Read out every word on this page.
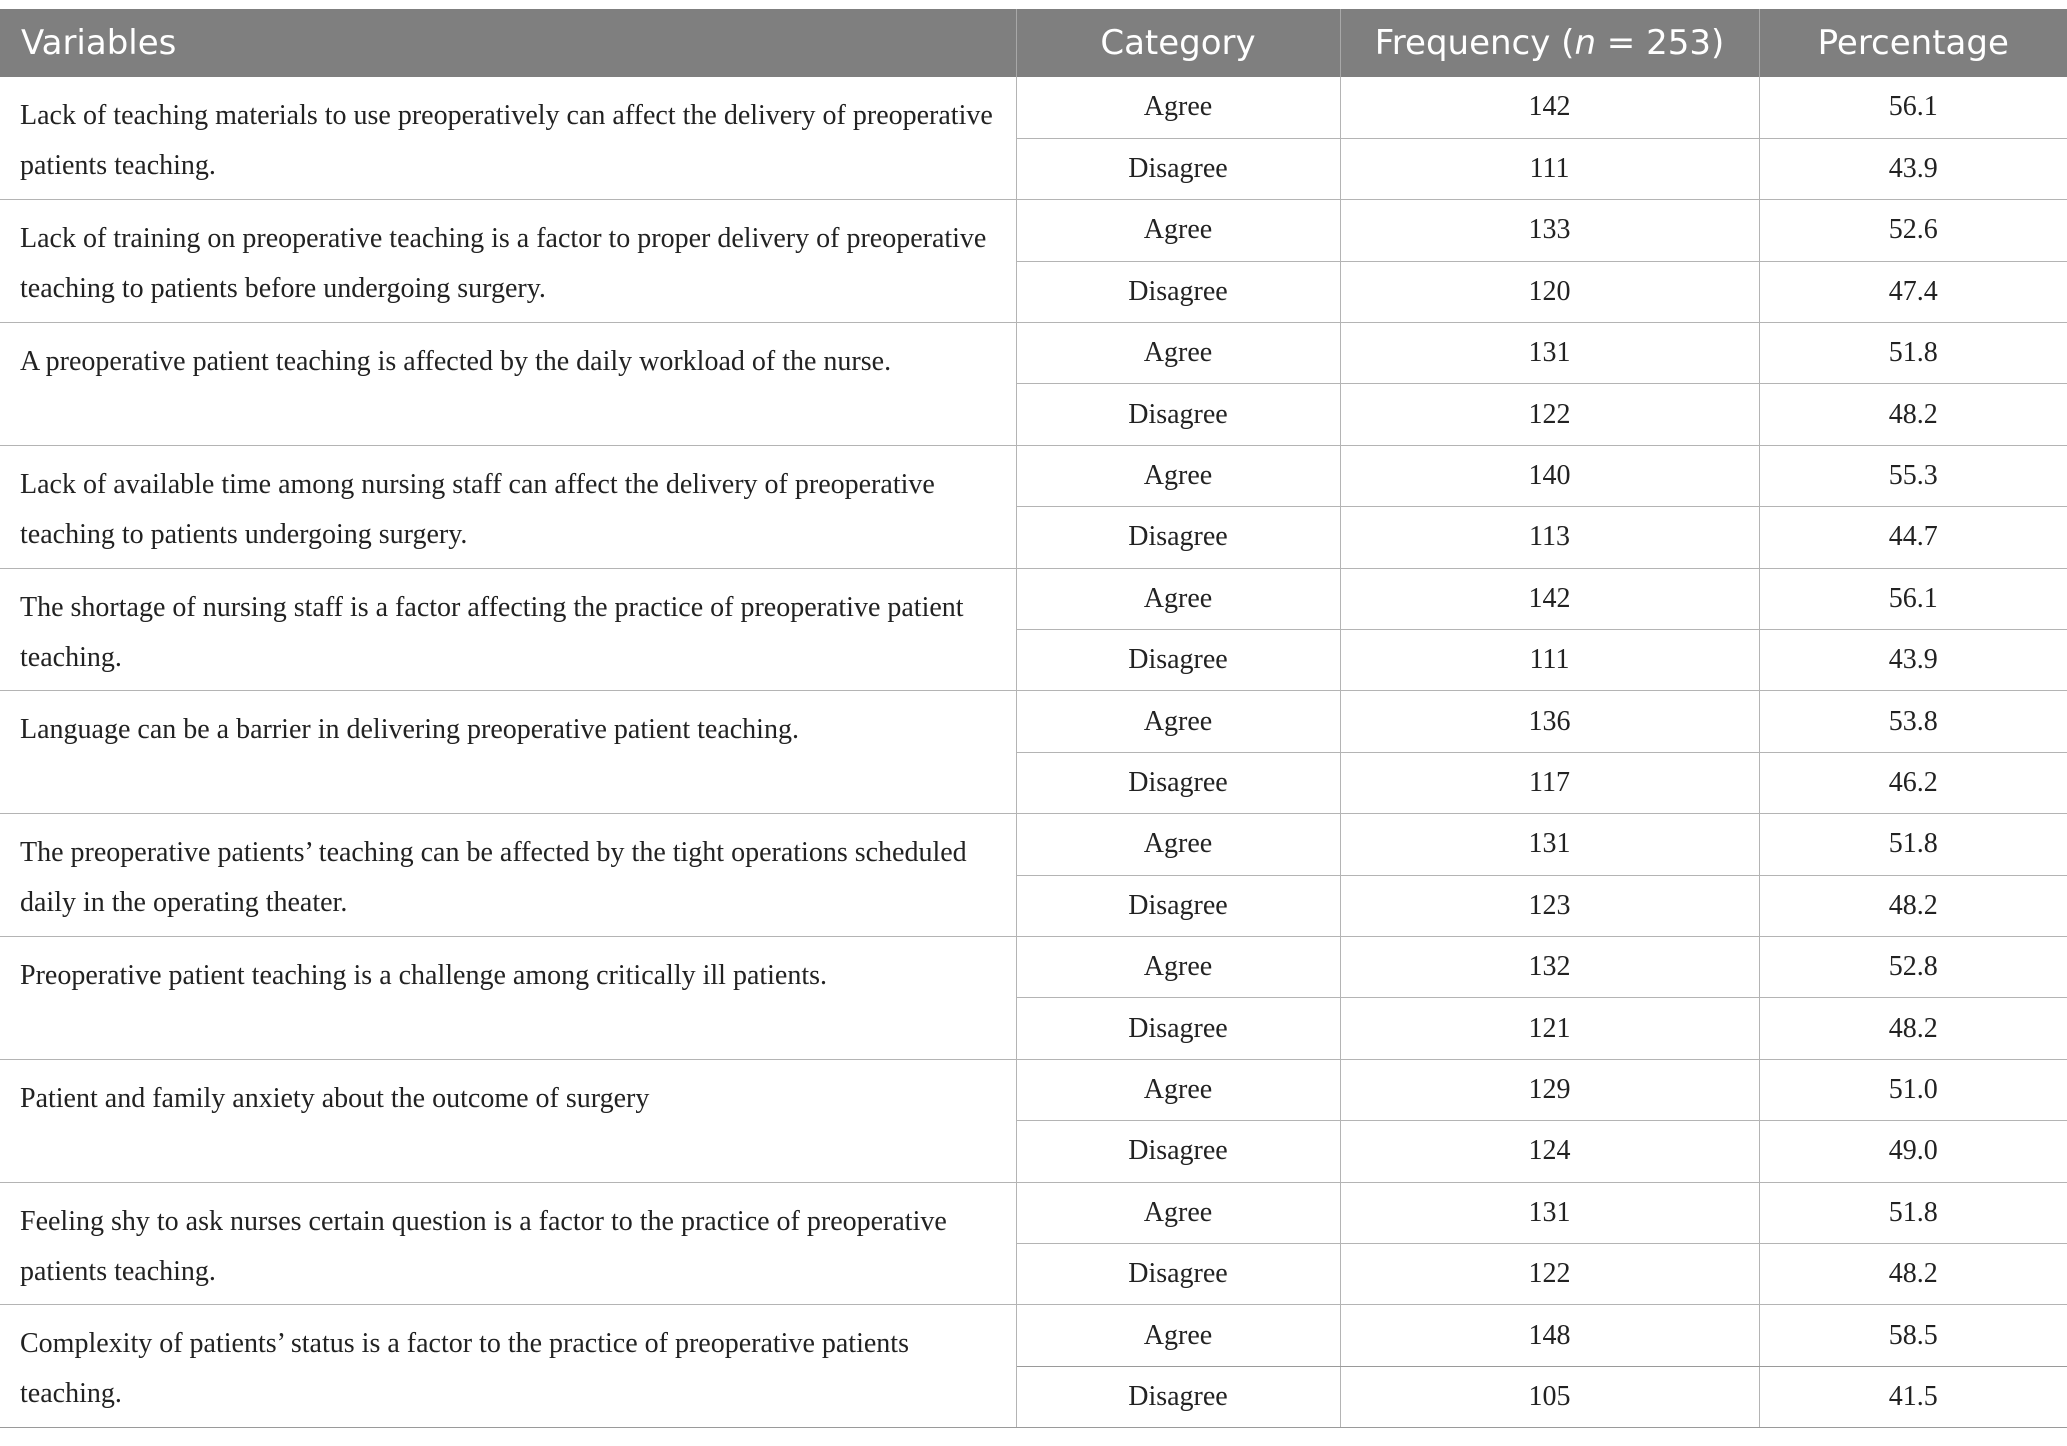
Variables	Category	Frequency (n = 253)	Percentage
Lack of teaching materials to use preoperatively can affect the delivery of preoperative patients teaching.	Agree	142	56.1
	Disagree	111	43.9
Lack of training on preoperative teaching is a factor to proper delivery of preoperative teaching to patients before undergoing surgery.	Agree	133	52.6
	Disagree	120	47.4
A preoperative patient teaching is affected by the daily workload of the nurse.	Agree	131	51.8
	Disagree	122	48.2
Lack of available time among nursing staff can affect the delivery of preoperative teaching to patients undergoing surgery.	Agree	140	55.3
	Disagree	113	44.7
The shortage of nursing staff is a factor affecting the practice of preoperative patient teaching.	Agree	142	56.1
	Disagree	111	43.9
Language can be a barrier in delivering preoperative patient teaching.	Agree	136	53.8
	Disagree	117	46.2
The preoperative patients’ teaching can be affected by the tight operations scheduled daily in the operating theater.	Agree	131	51.8
	Disagree	123	48.2
Preoperative patient teaching is a challenge among critically ill patients.	Agree	132	52.8
	Disagree	121	48.2
Patient and family anxiety about the outcome of surgery	Agree	129	51.0
	Disagree	124	49.0
Feeling shy to ask nurses certain question is a factor to the practice of preoperative patients teaching.	Agree	131	51.8
	Disagree	122	48.2
Complexity of patients’ status is a factor to the practice of preoperative patients teaching.	Agree	148	58.5
	Disagree	105	41.5
